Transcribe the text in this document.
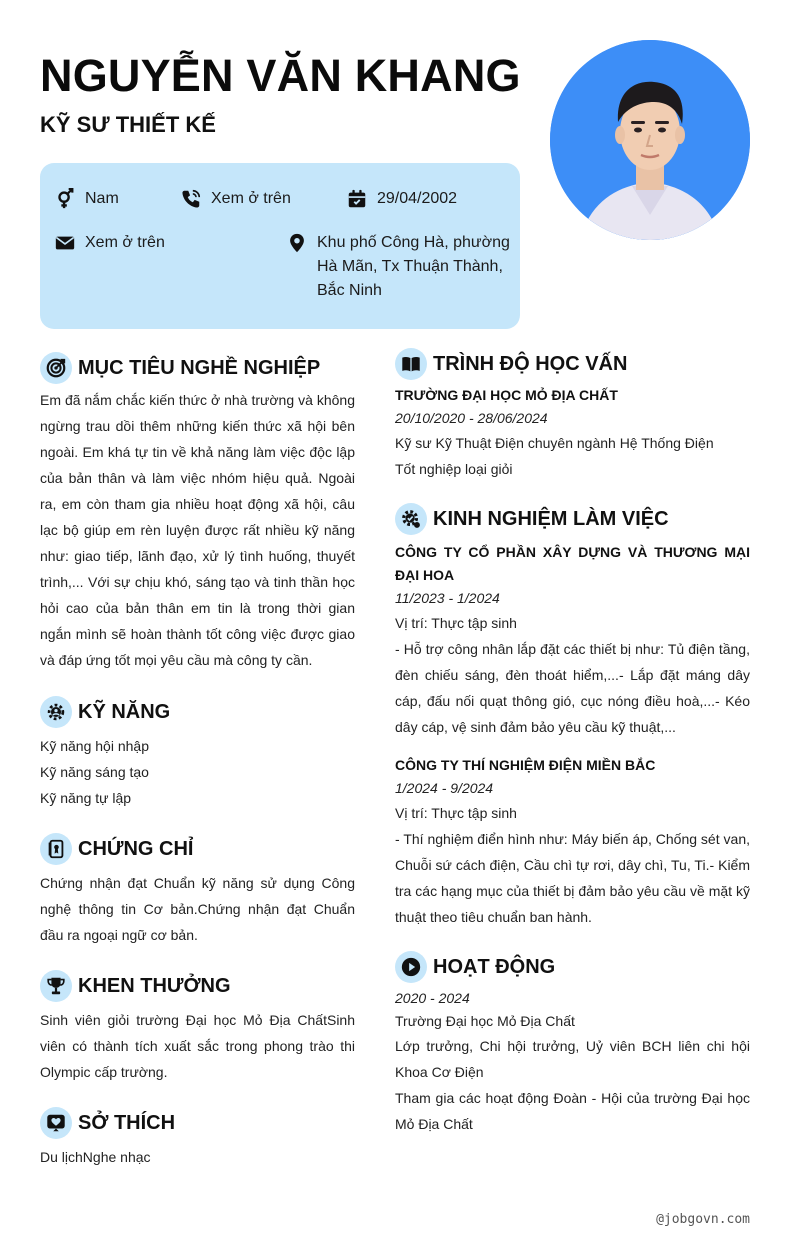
NGUYỄN VĂN KHANG
KỸ SƯ THIẾT KẾ
Nam	Xem ở trên	29/04/2002
Xem ở trên	Khu phố Công Hà, phường Hà Mãn, Tx Thuận Thành, Bắc Ninh
MỤC TIÊU NGHỀ NGHIỆP
Em đã nắm chắc kiến thức ở nhà trường và không ngừng trau dồi thêm những kiến thức xã hội bên ngoài. Em khá tự tin về khả năng làm việc độc lập của bản thân và làm việc nhóm hiệu quả. Ngoài ra, em còn tham gia nhiều hoạt động xã hội, câu lạc bộ giúp em rèn luyện được rất nhiều kỹ năng như: giao tiếp, lãnh đạo, xử lý tình huống, thuyết trình,... Với sự chịu khó, sáng tạo và tinh thần học hỏi cao của bản thân em tin là trong thời gian ngắn mình sẽ hoàn thành tốt công việc được giao và đáp ứng tốt mọi yêu cầu mà công ty cần.
KỸ NĂNG
Kỹ năng hội nhập
Kỹ năng sáng tạo
Kỹ năng tự lập
CHỨNG CHỈ
Chứng nhận đạt Chuẩn kỹ năng sử dụng Công nghệ thông tin Cơ bản.Chứng nhận đạt Chuẩn đầu ra ngoại ngữ cơ bản.
KHEN THƯỞNG
Sinh viên giỏi trường Đại học Mỏ Địa ChấtSinh viên có thành tích xuất sắc trong phong trào thi Olympic cấp trường.
SỞ THÍCH
Du lịchNghe nhạc
TRÌNH ĐỘ HỌC VẤN
TRƯỜNG ĐẠI HỌC MỎ ĐỊA CHẤT
20/10/2020 - 28/06/2024
Kỹ sư Kỹ Thuật Điện chuyên ngành Hệ Thống Điện
Tốt nghiệp loại giỏi
KINH NGHIỆM LÀM VIỆC
CÔNG TY CỔ PHẦN XÂY DỰNG VÀ THƯƠNG MẠI ĐẠI HOA
11/2023 - 1/2024
Vị trí: Thực tập sinh
- Hỗ trợ công nhân lắp đặt các thiết bị như: Tủ điện tầng, đèn chiếu sáng, đèn thoát hiểm,...- Lắp đặt máng dây cáp, đấu nối quạt thông gió, cục nóng điều hoà,...- Kéo dây cáp, vệ sinh đảm bảo yêu cầu kỹ thuật,...
CÔNG TY THÍ NGHIỆM ĐIỆN MIỀN BẮC
1/2024 - 9/2024
Vị trí: Thực tập sinh
- Thí nghiệm điển hình như: Máy biến áp, Chống sét van, Chuỗi sứ cách điện, Cầu chì tự rơi, dây chì, Tu, Ti.- Kiểm tra các hạng mục của thiết bị đảm bảo yêu cầu về mặt kỹ thuật theo tiêu chuẩn ban hành.
HOẠT ĐỘNG
2020 - 2024
Trường Đại học Mỏ Địa Chất
Lớp trưởng, Chi hội trưởng, Uỷ viên BCH liên chi hội Khoa Cơ Điện
Tham gia các hoạt động Đoàn - Hội của trường Đại học Mỏ Địa Chất
@jobgovn.com
